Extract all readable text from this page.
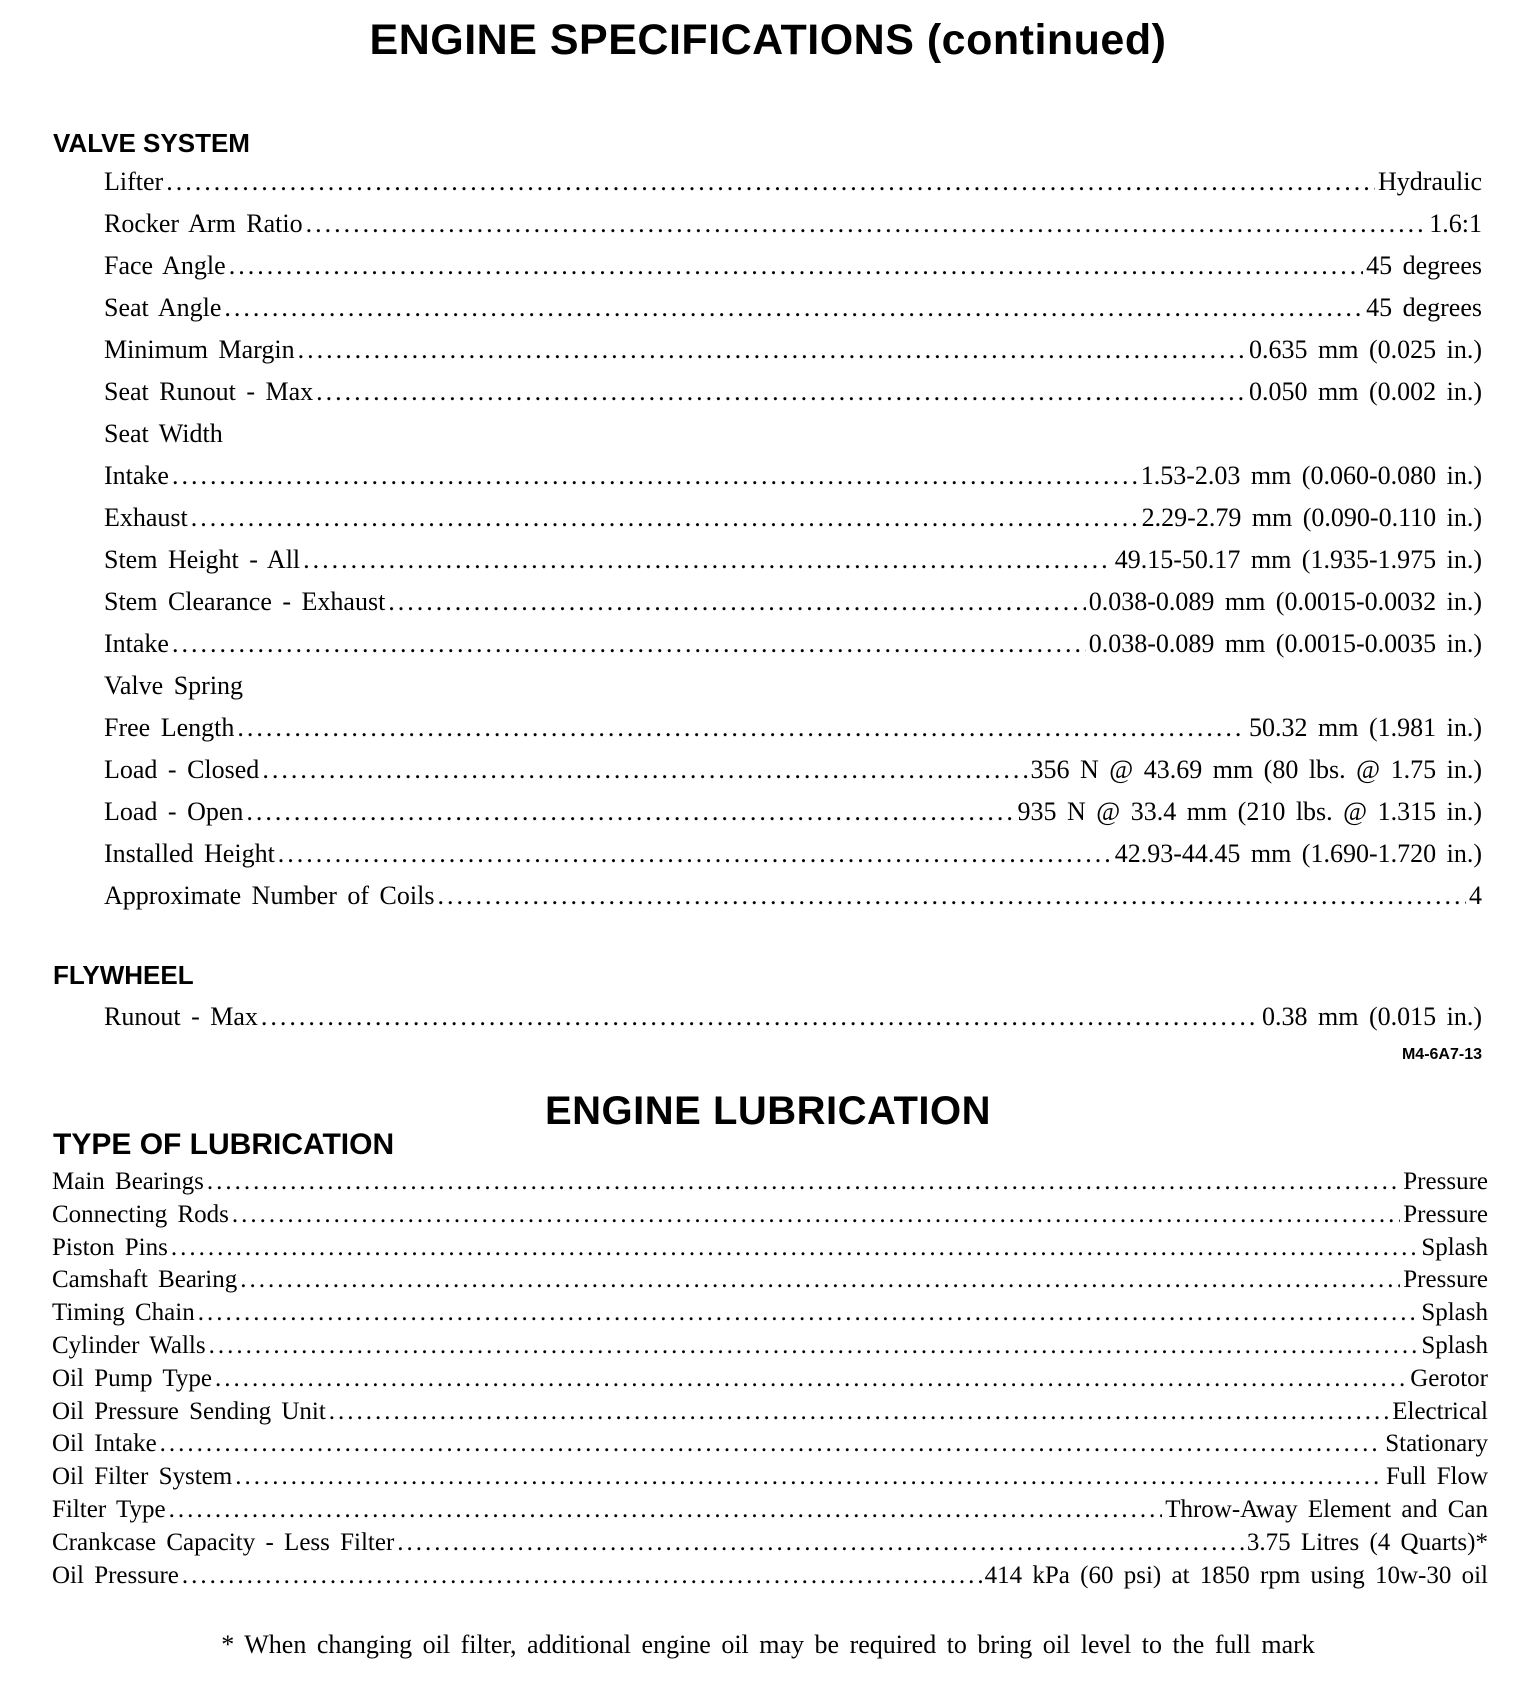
ENGINE SPECIFICATIONS (continued)
VALVE SYSTEM
Lifter .....	Hydraulic
Rocker Arm Ratio .....	1.6:1
Face Angle .....	45 degrees
Seat Angle .....	45 degrees
Minimum Margin .....	0.635 mm (0.025 in.)
Seat Runout - Max .....	0.050 mm (0.002 in.)
Seat Width
Intake .....	1.53-2.03 mm (0.060-0.080 in.)
Exhaust .....	2.29-2.79 mm (0.090-0.110 in.)
Stem Height - All .....	49.15-50.17 mm (1.935-1.975 in.)
Stem Clearance - Exhaust .....	0.038-0.089 mm (0.0015-0.0032 in.)
Intake .....	0.038-0.089 mm (0.0015-0.0035 in.)
Valve Spring
Free Length .....	50.32 mm (1.981 in.)
Load - Closed .....	356 N @ 43.69 mm (80 lbs. @ 1.75 in.)
Load - Open .....	935 N @ 33.4 mm (210 lbs. @ 1.315 in.)
Installed Height .....	42.93-44.45 mm (1.690-1.720 in.)
Approximate Number of Coils .....	4
FLYWHEEL
Runout - Max .....	0.38 mm (0.015 in.)

M4-6A7-13

ENGINE LUBRICATION
TYPE OF LUBRICATION
Main Bearings .....	Pressure
Connecting Rods .....	Pressure
Piston Pins .....	Splash
Camshaft Bearing .....	Pressure
Timing Chain .....	Splash
Cylinder Walls .....	Splash
Oil Pump Type .....	Gerotor
Oil Pressure Sending Unit .....	Electrical
Oil Intake .....	Stationary
Oil Filter System .....	Full Flow
Filter Type .....	Throw-Away Element and Can
Crankcase Capacity - Less Filter .....	3.75 Litres (4 Quarts)*
Oil Pressure .....	414 kPa (60 psi) at 1850 rpm using 10w-30 oil

* When changing oil filter, additional engine oil may be required to bring oil level to the full mark
